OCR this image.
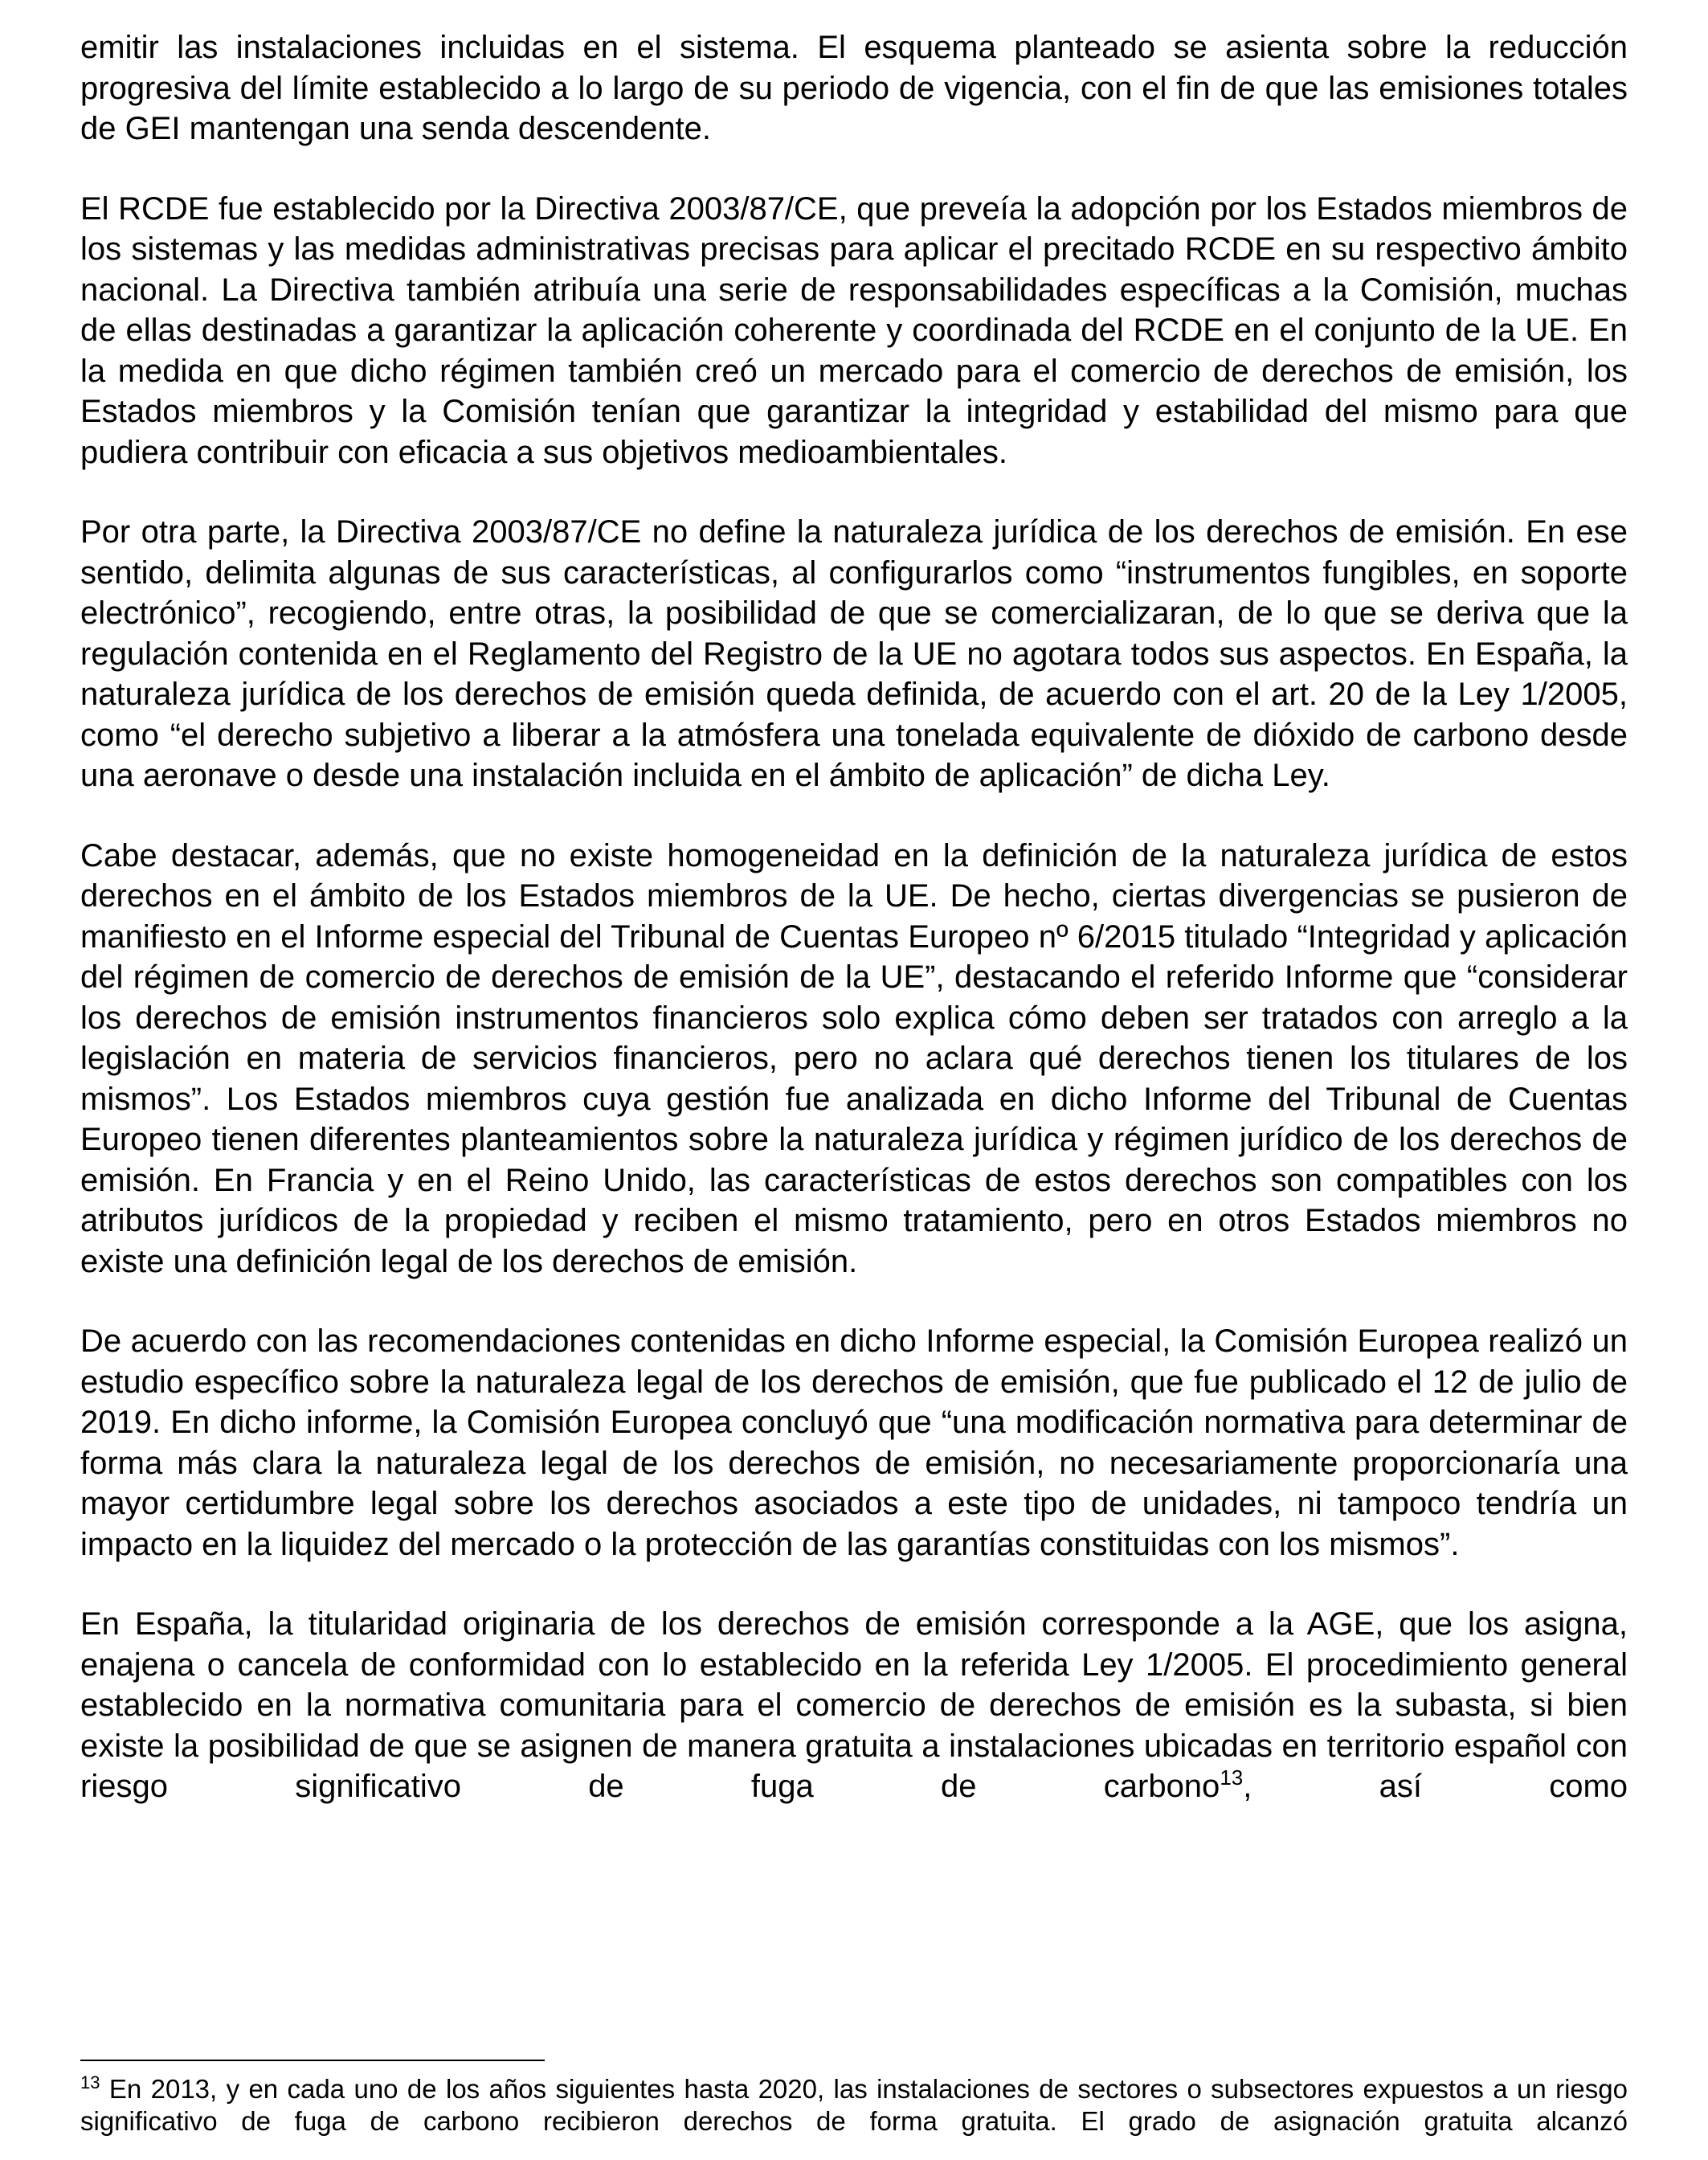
emitir las instalaciones incluidas en el sistema. El esquema planteado se asienta sobre la reducción progresiva del límite establecido a lo largo de su periodo de vigencia, con el fin de que las emisiones totales de GEI mantengan una senda descendente.

El RCDE fue establecido por la Directiva 2003/87/CE, que preveía la adopción por los Estados miembros de los sistemas y las medidas administrativas precisas para aplicar el precitado RCDE en su respectivo ámbito nacional. La Directiva también atribuía una serie de responsabilidades específicas a la Comisión, muchas de ellas destinadas a garantizar la aplicación coherente y coordinada del RCDE en el conjunto de la UE. En la medida en que dicho régimen también creó un mercado para el comercio de derechos de emisión, los Estados miembros y la Comisión tenían que garantizar la integridad y estabilidad del mismo para que pudiera contribuir con eficacia a sus objetivos medioambientales.

Por otra parte, la Directiva 2003/87/CE no define la naturaleza jurídica de los derechos de emisión. En ese sentido, delimita algunas de sus características, al configurarlos como “instrumentos fungibles, en soporte electrónico”, recogiendo, entre otras, la posibilidad de que se comercializaran, de lo que se deriva que la regulación contenida en el Reglamento del Registro de la UE no agotara todos sus aspectos. En España, la naturaleza jurídica de los derechos de emisión queda definida, de acuerdo con el art. 20 de la Ley 1/2005, como “el derecho subjetivo a liberar a la atmósfera una tonelada equivalente de dióxido de carbono desde una aeronave o desde una instalación incluida en el ámbito de aplicación” de dicha Ley.

Cabe destacar, además, que no existe homogeneidad en la definición de la naturaleza jurídica de estos derechos en el ámbito de los Estados miembros de la UE. De hecho, ciertas divergencias se pusieron de manifiesto en el Informe especial del Tribunal de Cuentas Europeo nº 6/2015 titulado “Integridad y aplicación del régimen de comercio de derechos de emisión de la UE”, destacando el referido Informe que “considerar los derechos de emisión instrumentos financieros solo explica cómo deben ser tratados con arreglo a la legislación en materia de servicios financieros, pero no aclara qué derechos tienen los titulares de los mismos”. Los Estados miembros cuya gestión fue analizada en dicho Informe del Tribunal de Cuentas Europeo tienen diferentes planteamientos sobre la naturaleza jurídica y régimen jurídico de los derechos de emisión. En Francia y en el Reino Unido, las características de estos derechos son compatibles con los atributos jurídicos de la propiedad y reciben el mismo tratamiento, pero en otros Estados miembros no existe una definición legal de los derechos de emisión.

De acuerdo con las recomendaciones contenidas en dicho Informe especial, la Comisión Europea realizó un estudio específico sobre la naturaleza legal de los derechos de emisión, que fue publicado el 12 de julio de 2019. En dicho informe, la Comisión Europea concluyó que “una modificación normativa para determinar de forma más clara la naturaleza legal de los derechos de emisión, no necesariamente proporcionaría una mayor certidumbre legal sobre los derechos asociados a este tipo de unidades, ni tampoco tendría un impacto en la liquidez del mercado o la protección de las garantías constituidas con los mismos”.

En España, la titularidad originaria de los derechos de emisión corresponde a la AGE, que los asigna, enajena o cancela de conformidad con lo establecido en la referida Ley 1/2005. El procedimiento general establecido en la normativa comunitaria para el comercio de derechos de emisión es la subasta, si bien existe la posibilidad de que se asignen de manera gratuita a instalaciones ubicadas en territorio español con riesgo significativo de fuga de carbono$^{13}$, así como

$^{13}$ En 2013, y en cada uno de los años siguientes hasta 2020, las instalaciones de sectores o subsectores expuestos a un riesgo significativo de fuga de carbono recibieron derechos de forma gratuita. El grado de asignación gratuita alcanzó
